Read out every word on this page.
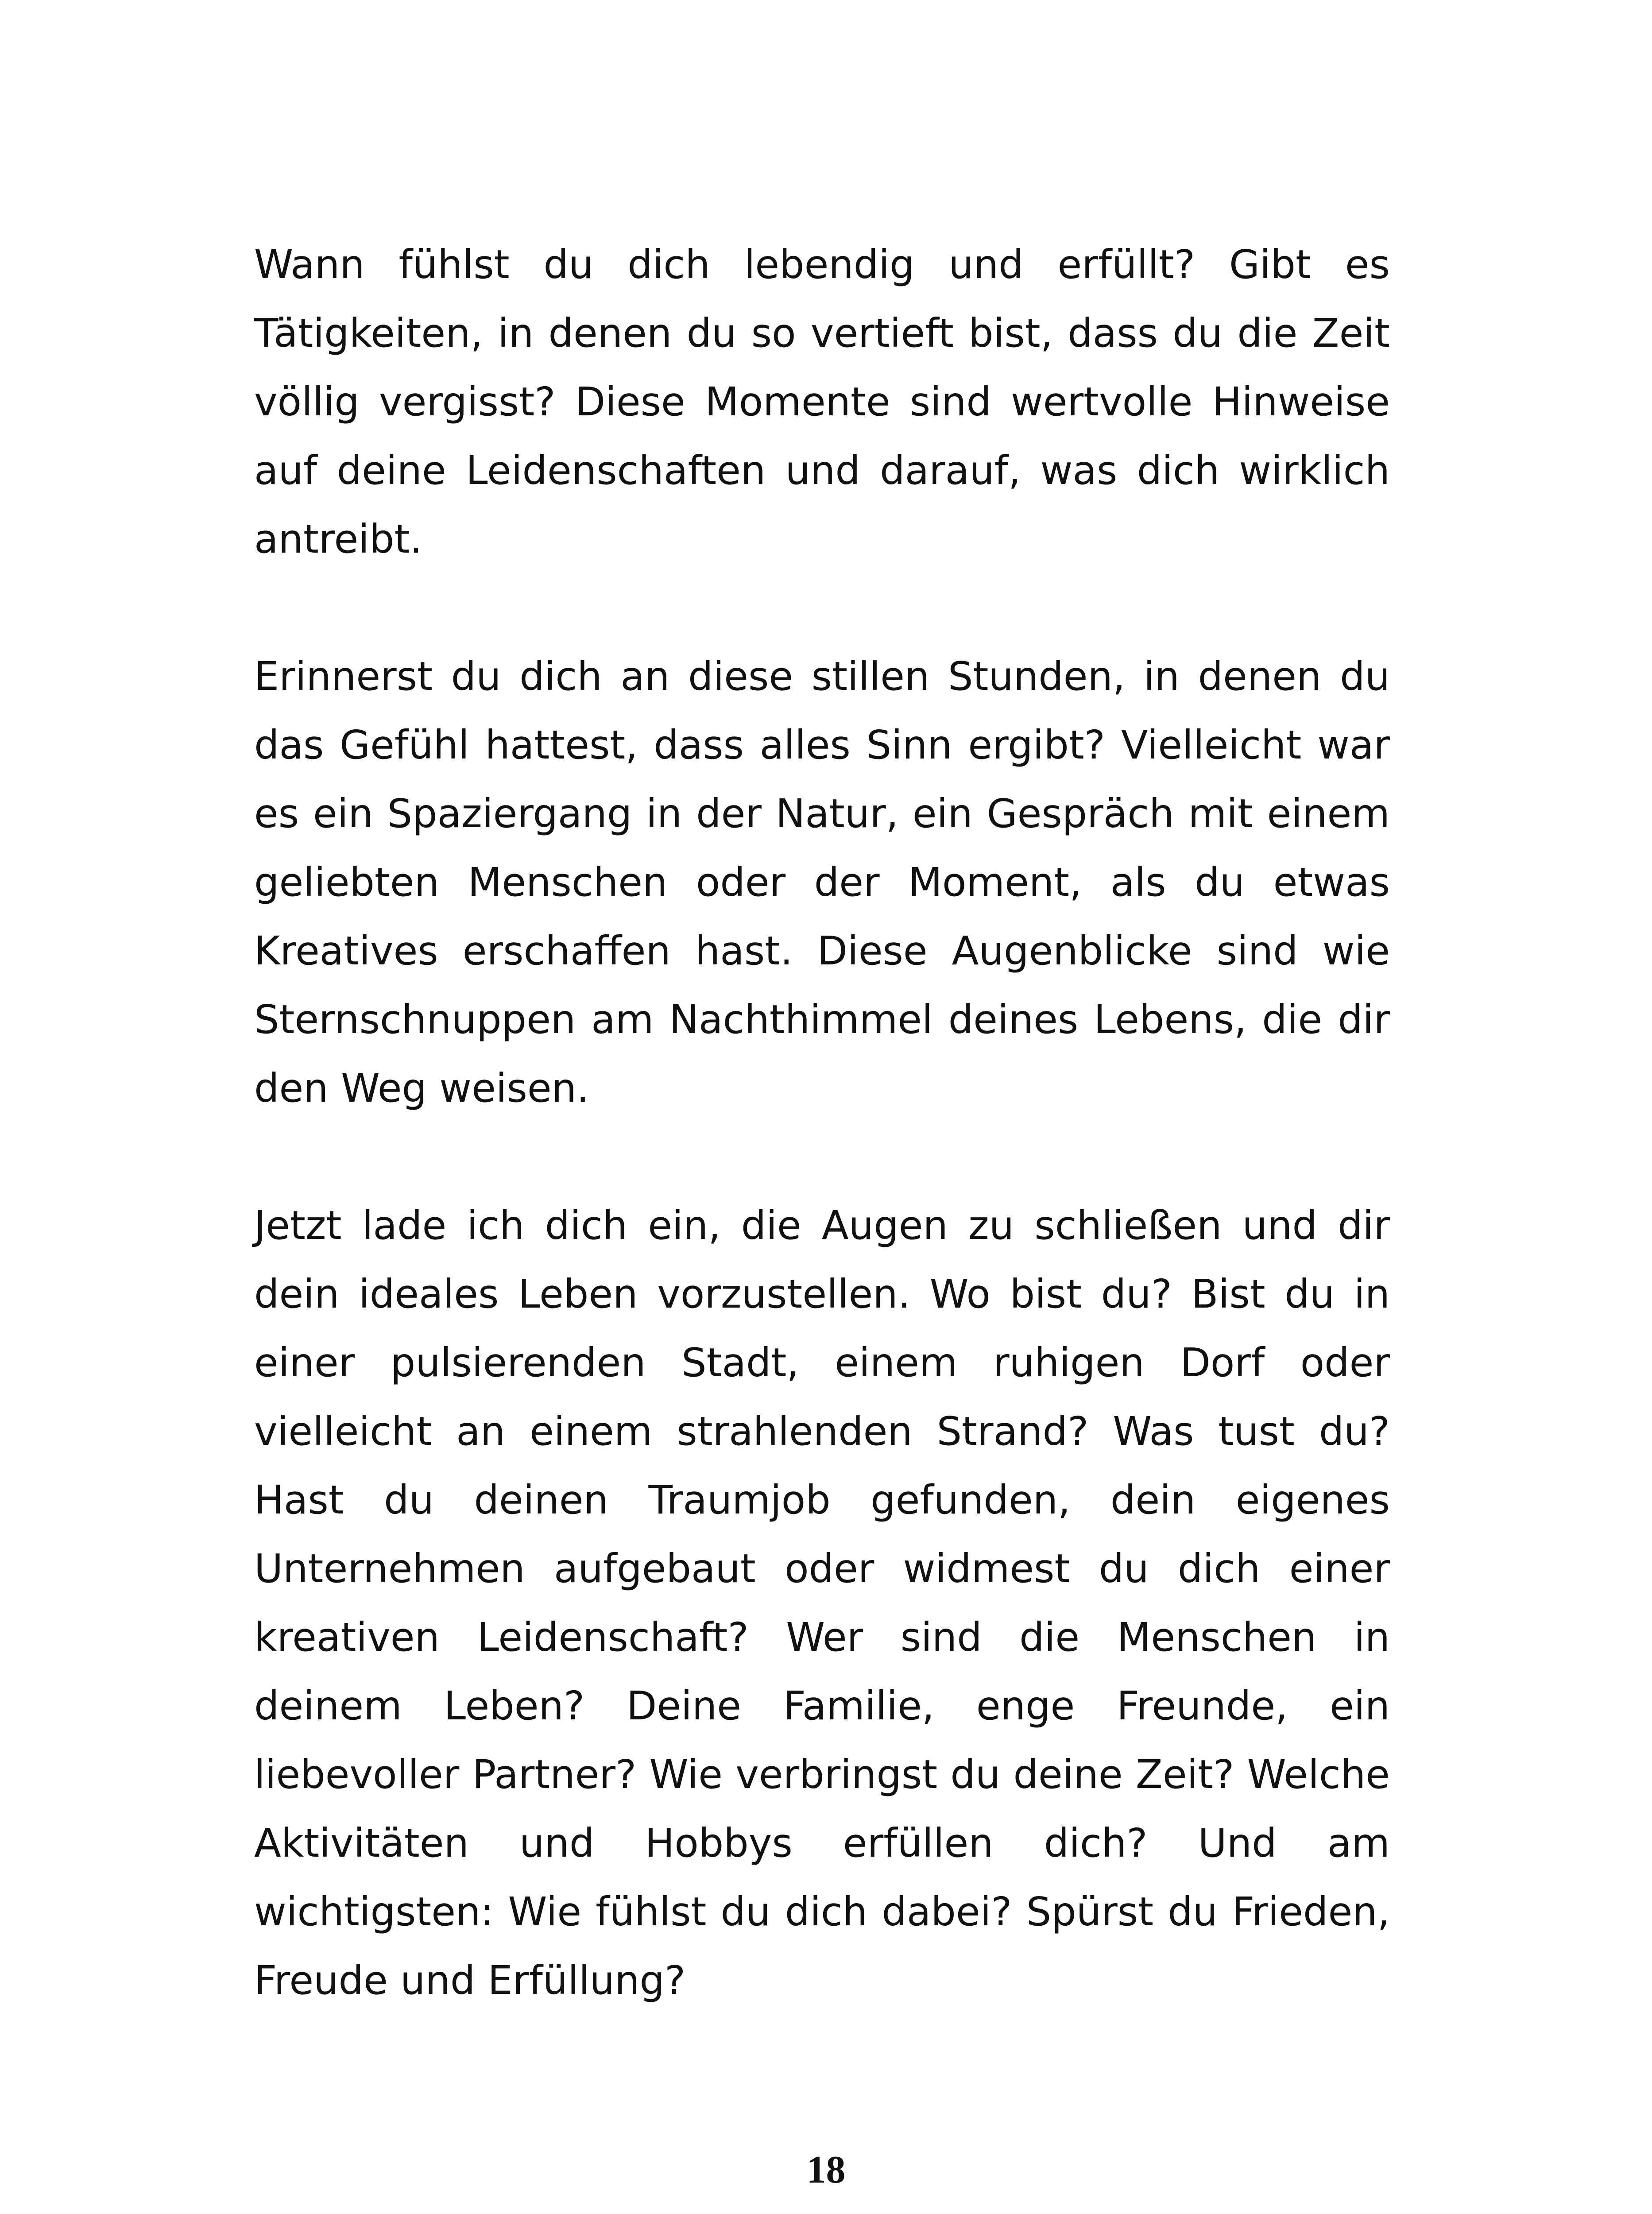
Wann fühlst du dich lebendig und erfüllt? Gibt es Tätigkeiten, in denen du so vertieft bist, dass du die Zeit völlig vergisst? Diese Momente sind wertvolle Hinweise auf deine Leidenschaften und darauf, was dich wirklich antreibt.

Erinnerst du dich an diese stillen Stunden, in denen du das Gefühl hattest, dass alles Sinn ergibt? Vielleicht war es ein Spaziergang in der Natur, ein Gespräch mit einem geliebten Menschen oder der Moment, als du etwas Kreatives erschaffen hast. Diese Augenblicke sind wie Sternschnuppen am Nachthimmel deines Lebens, die dir den Weg weisen.

Jetzt lade ich dich ein, die Augen zu schließen und dir dein ideales Leben vorzustellen. Wo bist du? Bist du in einer pulsierenden Stadt, einem ruhigen Dorf oder vielleicht an einem strahlenden Strand? Was tust du? Hast du deinen Traumjob gefunden, dein eigenes Unternehmen aufgebaut oder widmest du dich einer kreativen Leidenschaft? Wer sind die Menschen in deinem Leben? Deine Familie, enge Freunde, ein liebevoller Partner? Wie verbringst du deine Zeit? Welche Aktivitäten und Hobbys erfüllen dich? Und am wichtigsten: Wie fühlst du dich dabei? Spürst du Frieden, Freude und Erfüllung?

18
